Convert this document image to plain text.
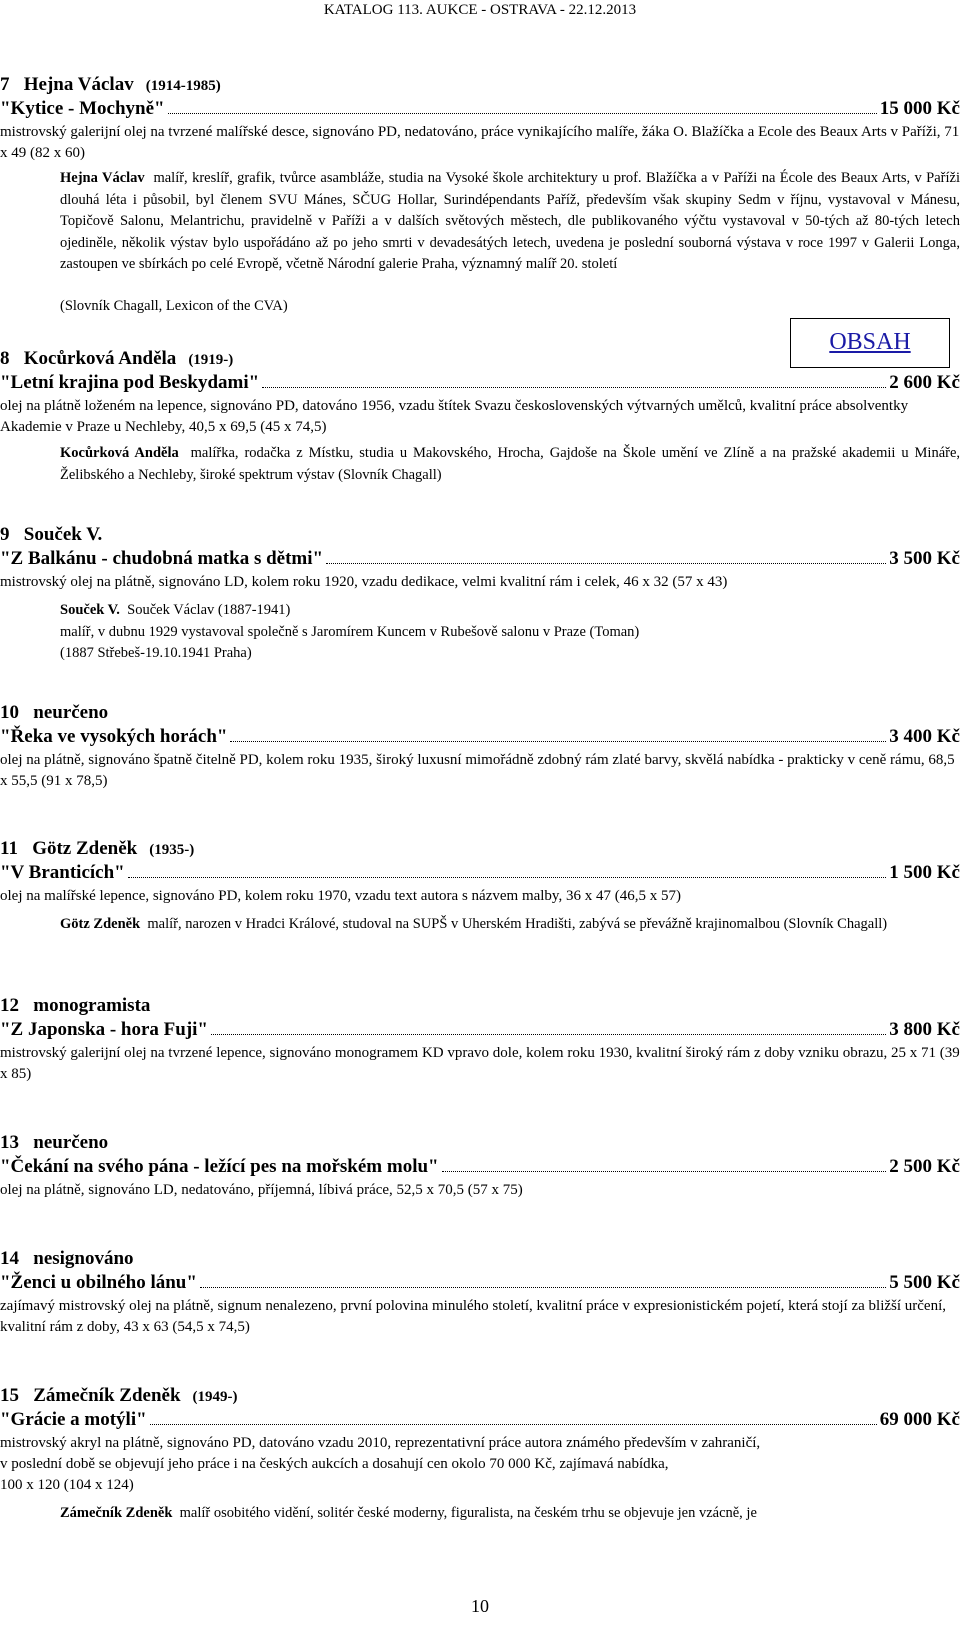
KATALOG 113. AUKCE - OSTRAVA - 22.12.2013
7 Hejna Václav (1914-1985)
"Kytice - Mochyně"	15 000 Kč
mistrovský galerijní olej na tvrzené malířské desce, signováno PD, nedatováno, práce vynikajícího malíře, žáka O. Blažíčka a Ecole des Beaux Arts v Paříži, 71 x 49 (82 x 60)
Hejna Václav malíř, kreslíř, grafik, tvůrce asambláže, studia na Vysoké škole architektury u prof. Blažíčka a v Paříži na École des Beaux Arts, v Paříži dlouhá léta i působil, byl členem SVU Mánes, SČUG Hollar, Surindépendants Paříž, především však skupiny Sedm v říjnu, vystavoval v Mánesu, Topičově Salonu, Melantrichu, pravidelně v Paříži a v dalších světových městech, dle publikovaného výčtu vystavoval v 50-tých až 80-tých letech ojediněle, několik výstav bylo uspořádáno až po jeho smrti v devadesátých letech, uvedena je poslední souborná výstava v roce 1997 v Galerii Longa, zastoupen ve sbírkách po celé Evropě, včetně Národní galerie Praha, významný malíř 20. století
(Slovník Chagall, Lexicon of the CVA)
OBSAH
8 Kocůrková Anděla (1919-)
"Letní krajina pod Beskydami"	2 600 Kč
olej na plátně loženém na lepence, signováno PD, datováno 1956, vzadu štítek Svazu československých výtvarných umělců, kvalitní práce absolventky Akademie v Praze u Nechleby, 40,5 x 69,5 (45 x 74,5)
Kocůrková Anděla malířka, rodačka z Místku, studia u Makovského, Hrocha, Gajdoše na Škole umění ve Zlíně a na pražské akademii u Mináře, Želibského a Nechleby, široké spektrum výstav (Slovník Chagall)
9 Souček V.
"Z Balkánu - chudobná matka s dětmi"	3 500 Kč
mistrovský olej na plátně, signováno LD, kolem roku 1920, vzadu dedikace, velmi kvalitní rám i celek, 46 x 32 (57 x 43)
Souček V. Souček Václav (1887-1941)
malíř, v dubnu 1929 vystavoval společně s Jaromírem Kuncem v Rubešově salonu v Praze (Toman)
(1887 Střebeš-19.10.1941 Praha)
10 neurčeno
"Řeka ve vysokých horách"	3 400 Kč
olej na plátně, signováno špatně čitelně PD, kolem roku 1935, široký luxusní mimořádně zdobný rám zlaté barvy, skvělá nabídka - prakticky v ceně rámu, 68,5 x 55,5 (91 x 78,5)
11 Götz Zdeněk (1935-)
"V Branticích"	1 500 Kč
olej na malířské lepence, signováno PD, kolem roku 1970, vzadu text autora s názvem malby, 36 x 47 (46,5 x 57)
Götz Zdeněk malíř, narozen v Hradci Králové, studoval na SUPŠ v Uherském Hradišti, zabývá se převážně krajinomalbou (Slovník Chagall)
12 monogramista
"Z Japonska - hora Fuji"	3 800 Kč
mistrovský galerijní olej na tvrzené lepence, signováno monogramem KD vpravo dole, kolem roku 1930, kvalitní široký rám z doby vzniku obrazu, 25 x 71 (39 x 85)
13 neurčeno
"Čekání na svého pána - ležící pes na mořském molu"	2 500 Kč
olej na plátně, signováno LD, nedatováno, příjemná, líbivá práce, 52,5 x 70,5 (57 x 75)
14 nesignováno
"Ženci u obilného lánu"	5 500 Kč
zajímavý mistrovský olej na plátně, signum nenalezeno, první polovina minulého století, kvalitní práce v expresionistickém pojetí, která stojí za bližší určení, kvalitní rám z doby, 43 x 63 (54,5 x 74,5)
15 Zámečník Zdeněk (1949-)
"Grácie a motýli"	69 000 Kč
mistrovský akryl na plátně, signováno PD, datováno vzadu 2010, reprezentativní práce autora známého především v zahraničí,
v poslední době se objevují jeho práce i na českých aukcích a dosahují cen okolo 70 000 Kč, zajímavá nabídka,
100 x 120 (104 x 124)
Zámečník Zdeněk malíř osobitého vidění, solitér české moderny, figuralista, na českém trhu se objevuje jen vzácně, je
10
